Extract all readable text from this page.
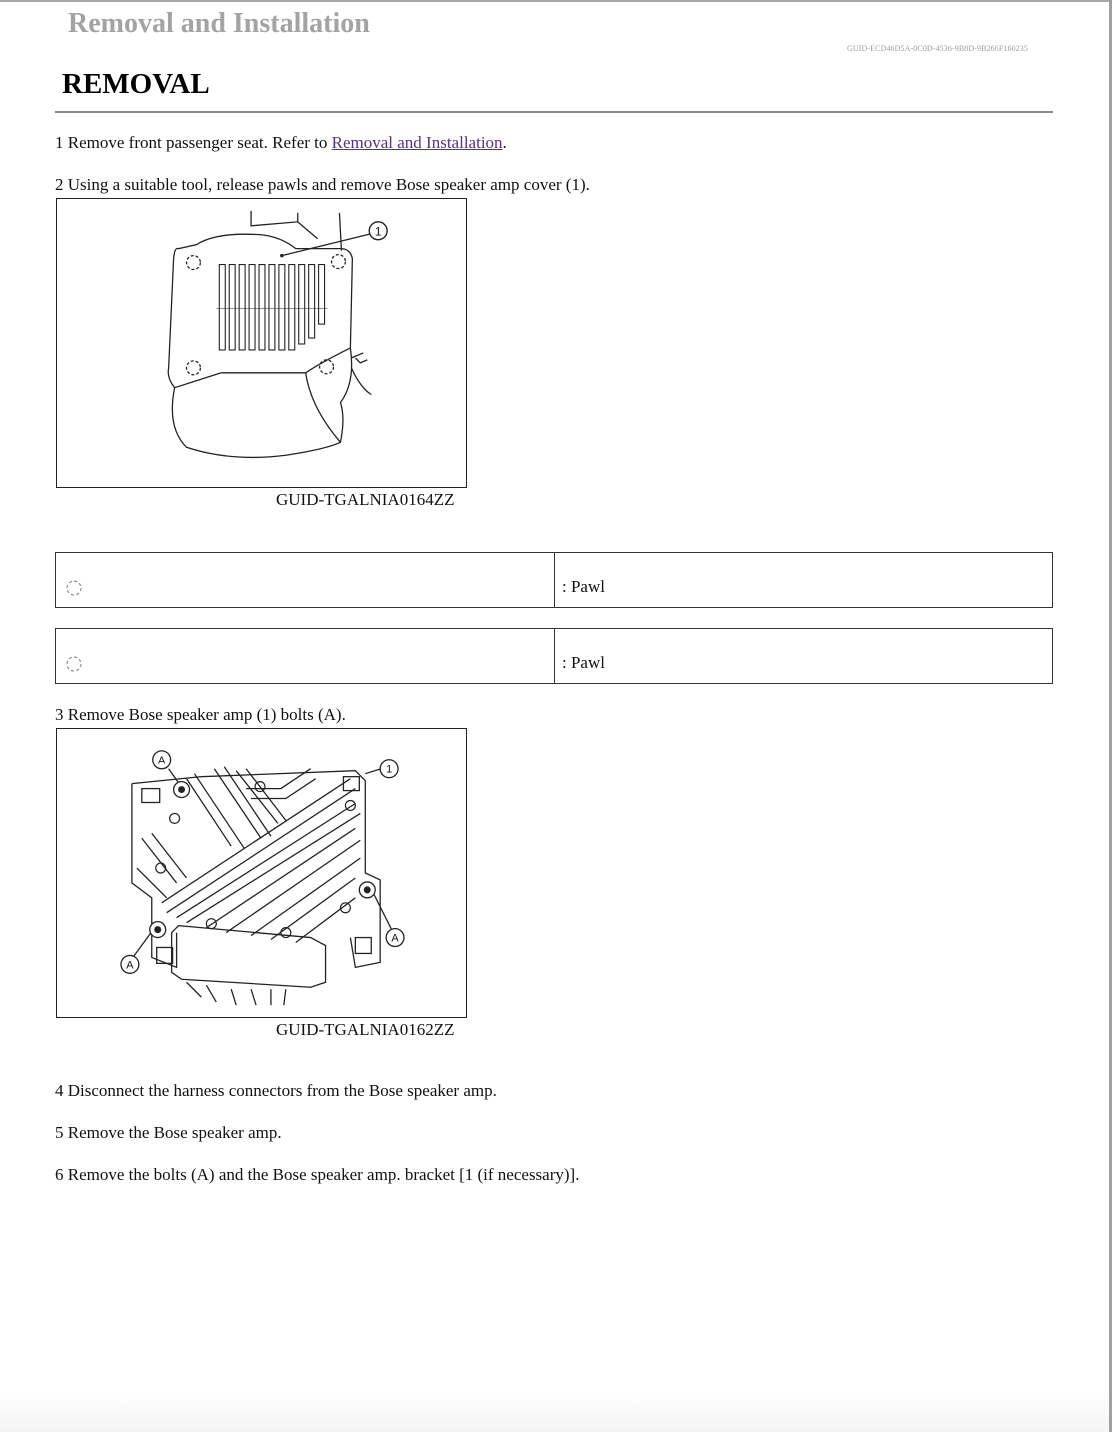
Removal and Installation
GUID-ECD46D5A-0C0D-4536-9B8D-9B266F160235
REMOVAL
1 Remove front passenger seat. Refer to Removal and Installation.
2 Using a suitable tool, release pawls and remove Bose speaker amp cover (1).
1
GUID-TGALNIA0164ZZ
: Pawl
: Pawl
3 Remove Bose speaker amp (1) bolts (A).
A
1
A
A
GUID-TGALNIA0162ZZ
4 Disconnect the harness connectors from the Bose speaker amp.
5 Remove the Bose speaker amp.
6 Remove the bolts (A) and the Bose speaker amp. bracket [1 (if necessary)].
